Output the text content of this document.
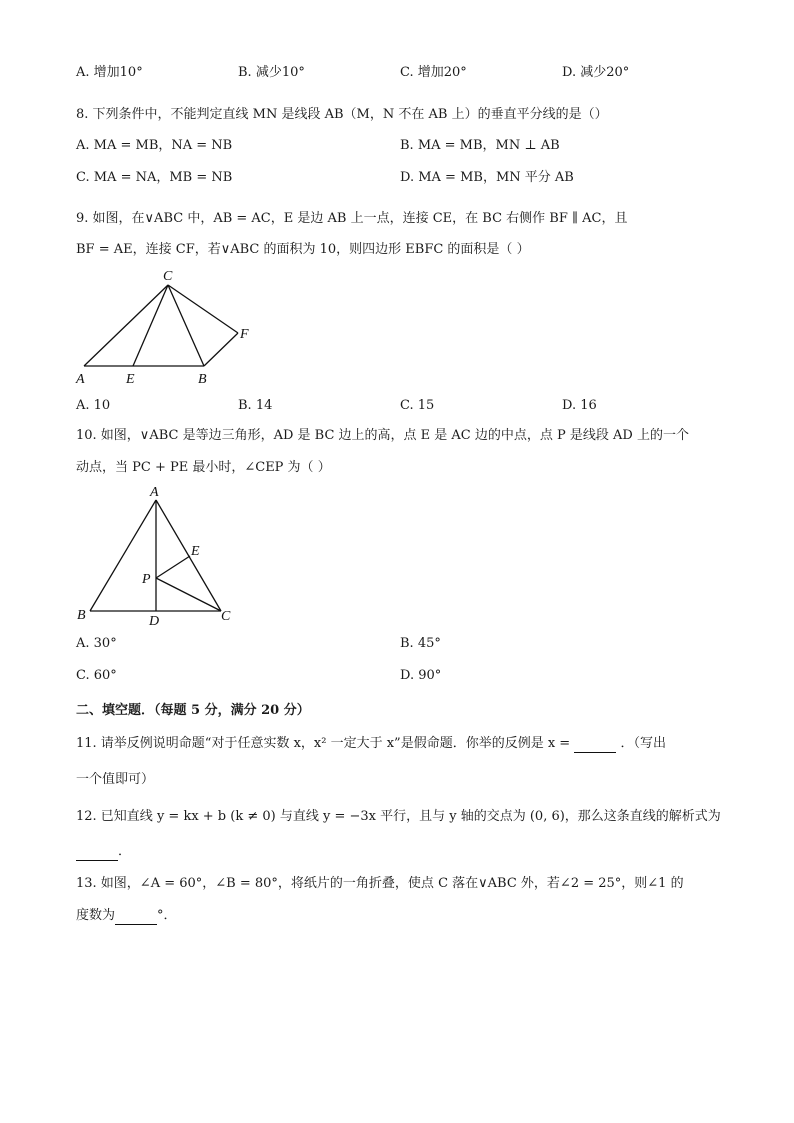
A. 增加10°	B. 减少10°	C. 增加20°	D. 减少20°
8. 下列条件中，不能判定直线 MN 是线段 AB（M，N 不在 AB 上）的垂直平分线的是（）
A. MA = MB，NA = NB	B. MA = MB，MN ⊥ AB
C. MA = NA，MB = NB	D. MA = MB，MN 平分 AB
9. 如图，在∨ABC 中，AB = AC，E 是边 AB 上一点，连接 CE，在 BC 右侧作 BF ∥ AC，且
BF = AE，连接 CF，若∨ABC 的面积为 10，则四边形 EBFC 的面积是（ ）
C
F
A	E	B
A. 10	B. 14	C. 15	D. 16
10. 如图，∨ABC 是等边三角形，AD 是 BC 边上的高，点 E 是 AC 边的中点，点 P 是线段 AD 上的一个
动点，当 PC + PE 最小时，∠CEP 为（ ）
A
E
P
B	C
D
A. 30°	B. 45°
C. 60°	D. 90°
二、填空题．（每题 5 分，满分 20 分）
11. 请举反例说明命题“对于任意实数 x，x² 一定大于 x”是假命题．你举的反例是 x =	．（写出
一个值即可）
12. 已知直线 y = kx + b (k ≠ 0) 与直线 y = −3x 平行，且与 y 轴的交点为 (0, 6)，那么这条直线的解析式为
．
13. 如图，∠A = 60°，∠B = 80°，将纸片的一角折叠，使点 C 落在∨ABC 外，若∠2 = 25°，则∠1 的
度数为	°．
